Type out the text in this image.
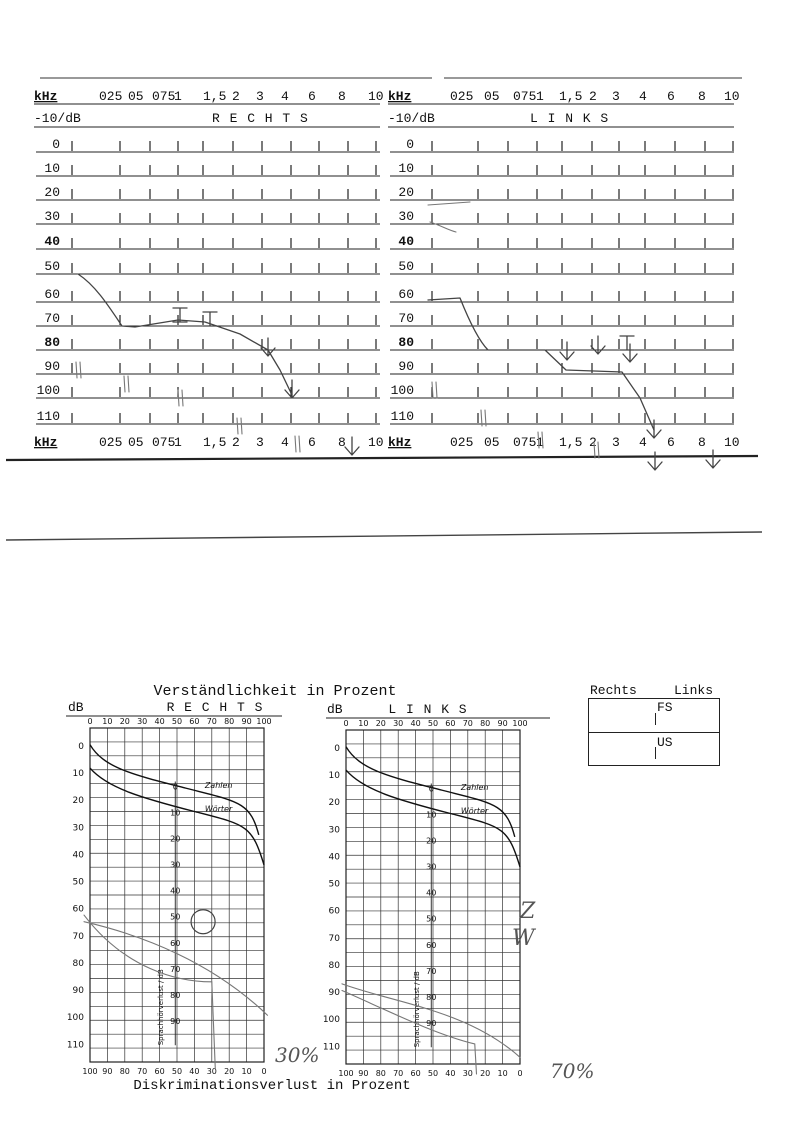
kHz	025 05 075
1 1,5 2 3 4 6 8 10
-10/dB	R E C H T S
0
10
20
30
40
50
60
70
80
90
100
110
kHz	025 05 075
1 1,5 2 3 4 6 8 10
kHz	025 05 075 1 1,5 2 3 4 6 8 10
-10/dB	L I N K S
0
10
20
30
40
50
60
70
80
90
100
110
kHz	025 05 075 1 1,5 2 3 4 6 8 10
Verständlichkeit in Prozent
Diskriminationsverlust in Prozent
dB	R E C H T S
0 10 20 30 40 50 60 70 80 90 100
100 90 80 70 60 50 40 30 20 10 0
0
10
20
30
40
50
60
70
80
90
100
110
Zahlen
Wörter
0
10
20
30
40
50
60
70
80
90
Sprachhörverlust / dB
30%
dB	L I N K S
0 10 20 30 40 50 60 70 80 90 100
100 90 80 70 60 50 40 30 20 10 0
0
10
20
30
40
50
60
70
80
90
100
110
Zahlen
Wörter
0
10
20
30
40
50
60
70
80
90
Sprachhörverlust / dB
70%
Z
W
Rechts	Links
FS
US
